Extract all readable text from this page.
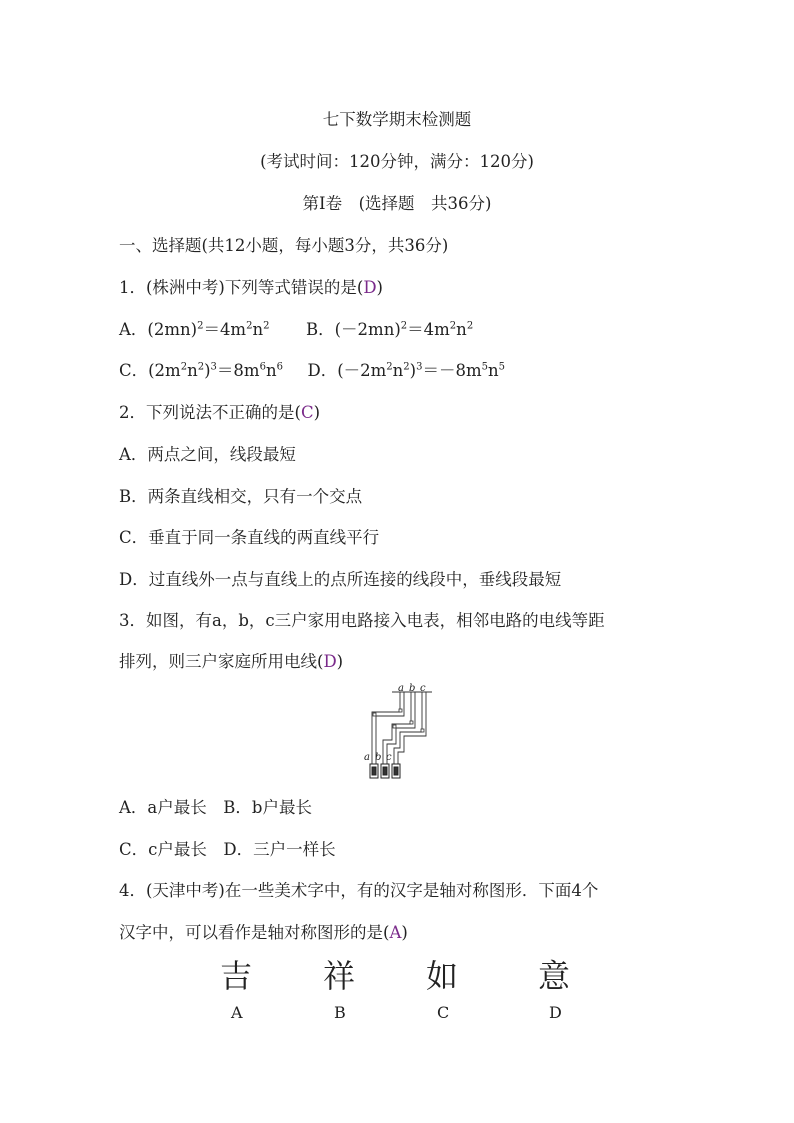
七下数学期末检测题
(考试时间：120分钟，满分：120分)
第Ⅰ卷　(选择题　共36分)
一、选择题(共12小题，每小题3分，共36分)
1．(株洲中考)下列等式错误的是(D)
A．$(2mn)^2=4m^2n^2$ B．$(-2mn)^2=4m^2n^2$
C．$(2m^2n^2)^3=8m^6n^6$ D．$(-2m^2n^2)^3=-8m^5n^5$
2．下列说法不正确的是(C)
A．两点之间，线段最短
B．两条直线相交，只有一个交点
C．垂直于同一条直线的两直线平行
D．过直线外一点与直线上的点所连接的线段中，垂线段最短
3．如图，有a，b，c三户家用电路接入电表，相邻电路的电线等距
排列，则三户家庭所用电线(D)
a b c
a b c
A．a户最长　B．b户最长
C．c户最长　D．三户一样长
4．(天津中考)在一些美术字中，有的汉字是轴对称图形．下面4个
汉字中，可以看作是轴对称图形的是(A)
吉 祥 如 意
A	B	C	D
